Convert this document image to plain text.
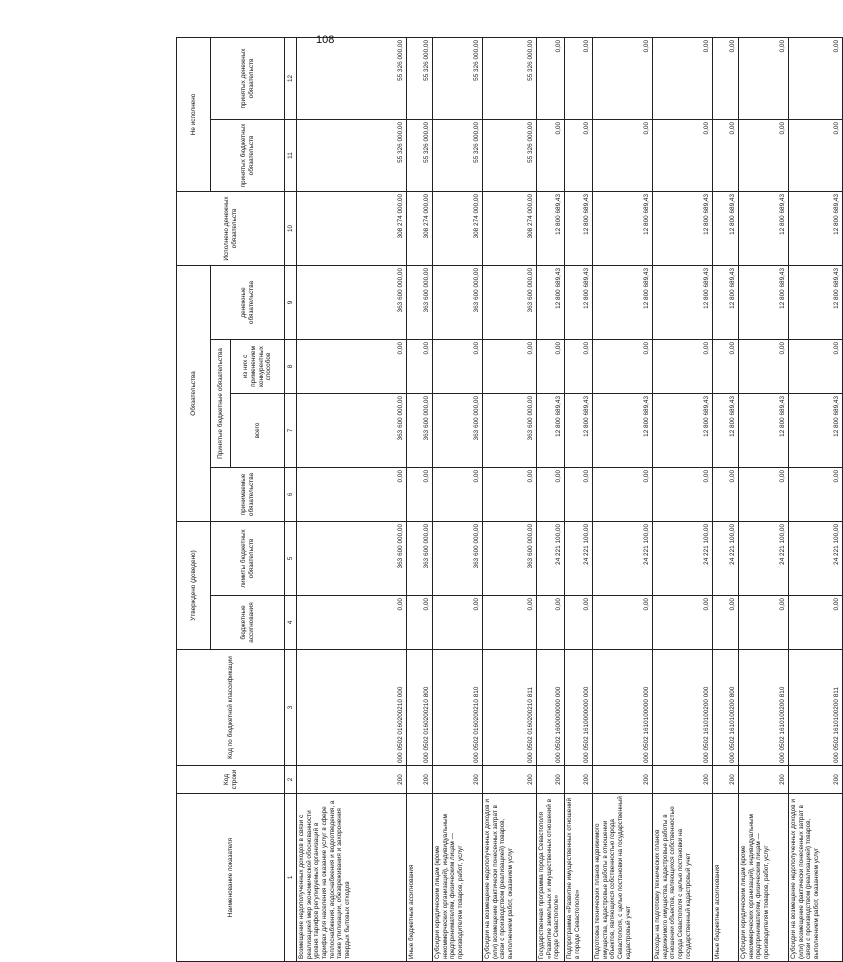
108
Наименование показателя	Код строки	Код по бюджетной классификации	Утверждено (доведено)		Обязательства				Исполнено денежных обязательств	Не исполнено	
			бюджетные ассигнования	лимиты бюджетных обязательств	принимаемые обязательства	Принятые бюджетные обязательства		денежные обязательства		принятых бюджетных обязательств	принятых денежных обязательств
						всего	из них с применением конкурентных способов				
1	2	3	4	5	6	7	8	9	10	11	12
Возмещение недополученных доходов в связи с реализацией мер экономической обоснованности уровня тарифов регулируемых организаций в тарифах для населения на оказание услуг в сфере теплоснабжения, водоснабжения и водоотведения, а также утилизации, обезвреживания и захоронения твердых бытовых отходов	200	000 0502 0160200210 000	0,00	363 600 000,00	0,00	363 600 000,00	0,00	363 600 000,00	308 274 000,00	55 326 000,00	55 326 000,00
Иные бюджетные ассигнования	200	000 0502 0160200210 800	0,00	363 600 000,00	0,00	363 600 000,00	0,00	363 600 000,00	308 274 000,00	55 326 000,00	55 326 000,00
Субсидии юридическим лицам (кроме некоммерческих организаций), индивидуальным предпринимателям, физическим лицам — производителям товаров, работ, услуг	200	000 0502 0160200210 810	0,00	363 600 000,00	0,00	363 600 000,00	0,00	363 600 000,00	308 274 000,00	55 326 000,00	55 326 000,00
Субсидии на возмещение недополученных доходов и (или) возмещение фактически понесенных затрат в связи с производством (реализацией) товаров, выполнением работ, оказанием услуг	200	000 0502 0160200210 811	0,00	363 600 000,00	0,00	363 600 000,00	0,00	363 600 000,00	308 274 000,00	55 326 000,00	55 326 000,00
Государственная программа города Севастополя «Развитие земельных и имущественных отношений в городе Севастополе»	200	000 0502 1600000000 000	0,00	24 221 100,00	0,00	12 800 689,43	0,00	12 800 689,43	12 800 689,43	0,00	0,00
Подпрограмма «Развитие имущественных отношений в городе Севастополе»	200	000 0502 1610000000 000	0,00	24 221 100,00	0,00	12 800 689,43	0,00	12 800 689,43	12 800 689,43	0,00	0,00
Подготовка технических планов недвижимого имущества, кадастровые работы в отношении объектов, являющихся собственностью города Севастополя, с целью постановки на государственный кадастровый учет	200	000 0502 1610100000 000	0,00	24 221 100,00	0,00	12 800 689,43	0,00	12 800 689,43	12 800 689,43	0,00	0,00
Расходы на подготовку технических планов недвижимого имущества, кадастровые работы в отношении объектов, являющихся собственностью города Севастополя с целью постановки на государственный кадастровый учет	200	000 0502 1610100200 000	0,00	24 221 100,00	0,00	12 800 689,43	0,00	12 800 689,43	12 800 689,43	0,00	0,00
Иные бюджетные ассигнования	200	000 0502 1610100200 800	0,00	24 221 100,00	0,00	12 800 689,43	0,00	12 800 689,43	12 800 689,43	0,00	0,00
Субсидии юридическим лицам (кроме некоммерческих организаций), индивидуальным предпринимателям, физическим лицам — производителям товаров, работ, услуг	200	000 0502 1610100200 810	0,00	24 221 100,00	0,00	12 800 689,43	0,00	12 800 689,43	12 800 689,43	0,00	0,00
Субсидии на возмещение недополученных доходов и (или) возмещение фактически понесенных затрат в связи с производством (реализацией) товаров, выполнением работ, оказанием услуг	200	000 0502 1610100200 811	0,00	24 221 100,00	0,00	12 800 689,43	0,00	12 800 689,43	12 800 689,43	0,00	0,00
